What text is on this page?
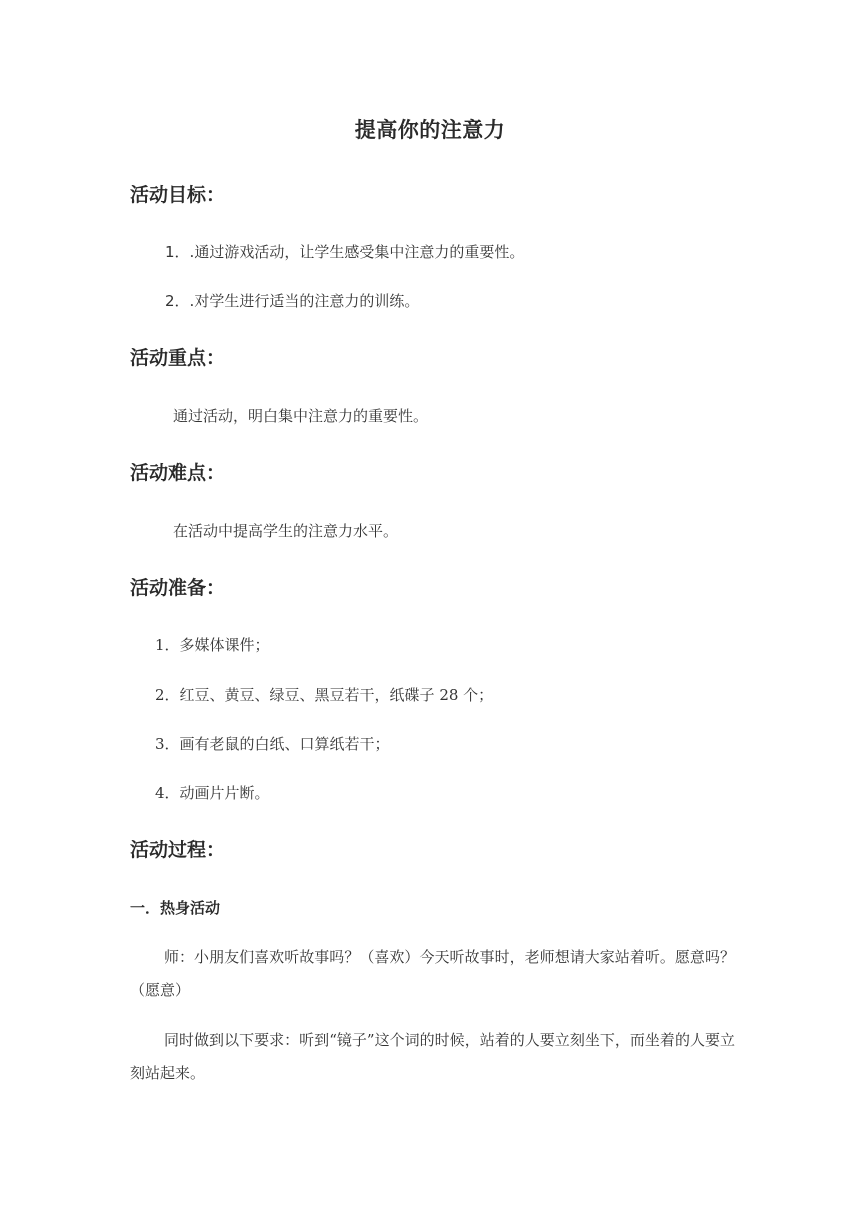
提高你的注意力
活动目标：
1．.通过游戏活动，让学生感受集中注意力的重要性。
2．.对学生进行适当的注意力的训练。
活动重点：
通过活动，明白集中注意力的重要性。
活动难点：
在活动中提高学生的注意力水平。
活动准备：
1．多媒体课件；
2．红豆、黄豆、绿豆、黑豆若干，纸碟子 28 个；
3．画有老鼠的白纸、口算纸若干；
4．动画片片断。
活动过程：
一．热身活动
师：小朋友们喜欢听故事吗？（喜欢）今天听故事时，老师想请大家站着听。愿意吗？（愿意）
同时做到以下要求：听到“镜子”这个词的时候，站着的人要立刻坐下，而坐着的人要立刻站起来。
